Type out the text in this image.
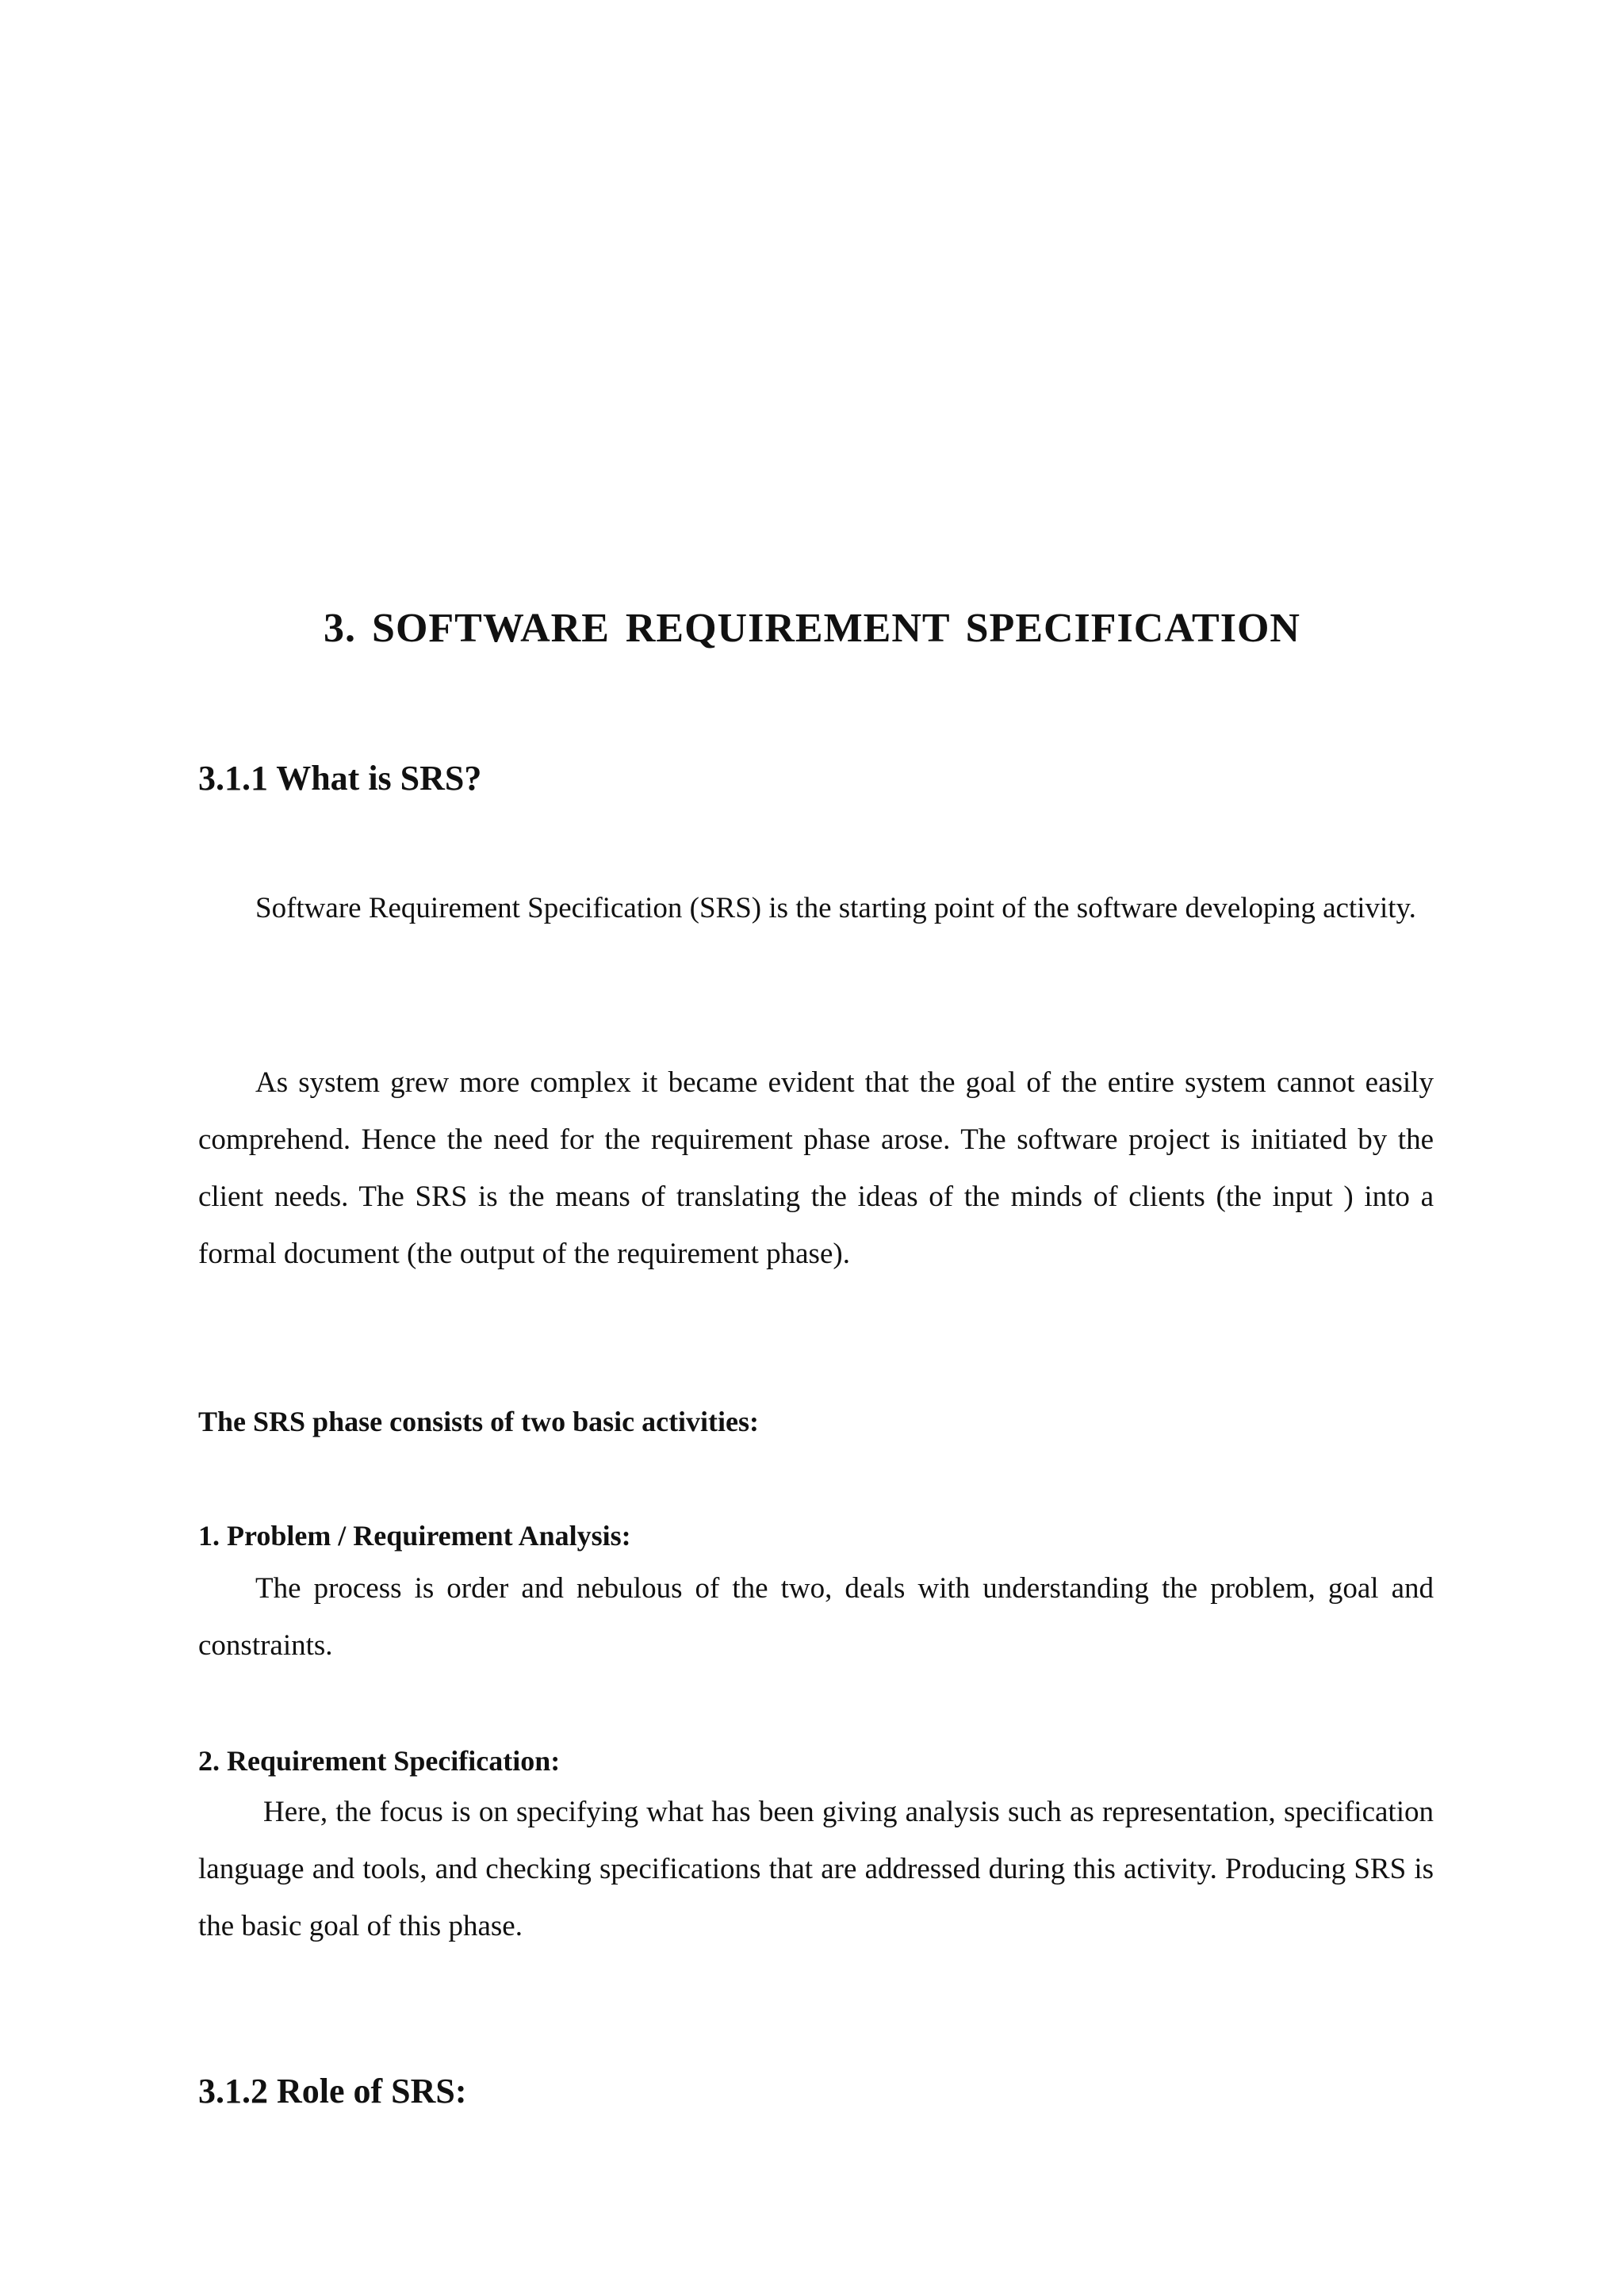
3. SOFTWARE REQUIREMENT SPECIFICATION
3.1.1 What is SRS?

Software Requirement Specification (SRS) is the starting point of the software developing activity.

As system grew more complex it became evident that the goal of the entire system cannot easily comprehend. Hence the need for the requirement phase arose. The software project is initiated by the client needs. The SRS is the means of translating the ideas of the minds of clients (the input ) into a formal document (the output of the requirement phase).

The SRS phase consists of two basic activities:
1. Problem / Requirement Analysis:

The process is order and nebulous of the two, deals with understanding the problem, goal and constraints.

2. Requirement Specification:

Here, the focus is on specifying what has been giving analysis such as representation, specification language and tools, and checking specifications that are addressed during this activity. Producing SRS is the basic goal of this phase.

3.1.2 Role of SRS:
